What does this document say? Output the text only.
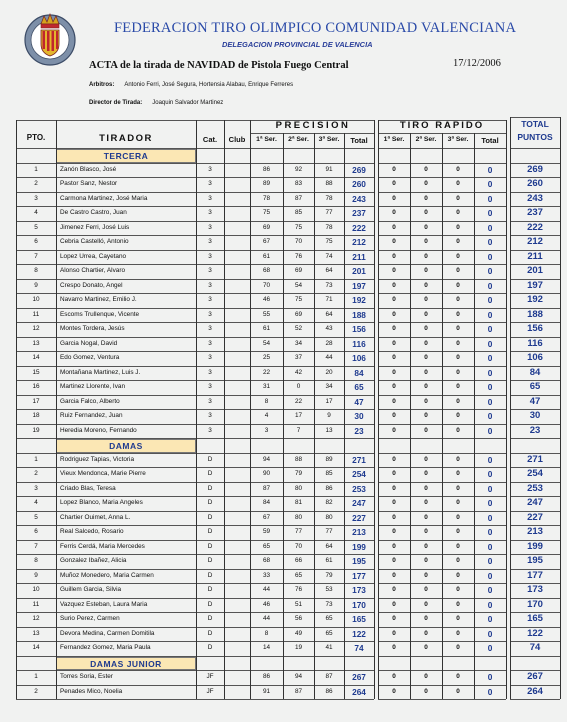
FEDERACION TIRO OLIMPICO COMUNIDAD VALENCIANA
DELEGACION PROVINCIAL DE VALENCIA
ACTA de la tirada de NAVIDAD de Pistola Fuego Central	17/12/2006
Arbitros: Antonio Ferri, José Segura, Hortensia Alabau, Enrique Ferreres
Director de Tirada: Joaquin Salvador Martinez
PTO.	TIRADOR	Cat.	Club
PRECISION
1ª Ser.	2ª Ser.	3ª Ser.	Total
TIRO RAPIDO
1ª Ser.	2ª Ser.	3ª Ser.	Total
TOTAL
PUNTOS
TERCERA
1	Zanón Blasco, José	3	86	92	91	269	0	0	0	0	269
2	Pastor Sanz, Nestor	3	89	83	88	260	0	0	0	0	260
3	Carmona Martinez, José Maria	3	78	87	78	243	0	0	0	0	243
4	De Castro Castro, Juan	3	75	85	77	237	0	0	0	0	237
5	Jimenez Ferri, José Luis	3	69	75	78	222	0	0	0	0	222
6	Cebria Castelló, Antonio	3	67	70	75	212	0	0	0	0	212
7	Lopez Urrea, Cayetano	3	61	76	74	211	0	0	0	0	211
8	Alonso Chartier, Alvaro	3	68	69	64	201	0	0	0	0	201
9	Crespo Donato, Angel	3	70	54	73	197	0	0	0	0	197
10	Navarro Martinez, Emilio J.	3	46	75	71	192	0	0	0	0	192
11	Escoms Trullenque, Vicente	3	55	69	64	188	0	0	0	0	188
12	Montes Tordera, Jesús	3	61	52	43	156	0	0	0	0	156
13	Garcia Nogal, David	3	54	34	28	116	0	0	0	0	116
14	Edo Gomez, Ventura	3	25	37	44	106	0	0	0	0	106
15	Montañana Martinez, Luis J.	3	22	42	20	84	0	0	0	0	84
16	Martinez Llorente, Ivan	3	31	0	34	65	0	0	0	0	65
17	Garcia Falco, Alberto	3	8	22	17	47	0	0	0	0	47
18	Ruiz Fernandez, Juan	3	4	17	9	30	0	0	0	0	30
19	Heredia Moreno, Fernando	3	3	7	13	23	0	0	0	0	23
DAMAS
1	Rodriguez Tapias, Victoria	D	94	88	89	271	0	0	0	0	271
2	Vieux Mendonca, Marie Pierre	D	90	79	85	254	0	0	0	0	254
3	Criado Blas, Teresa	D	87	80	86	253	0	0	0	0	253
4	Lopez Blanco, Maria Angeles	D	84	81	82	247	0	0	0	0	247
5	Chartier Ouimet, Anna L.	D	67	80	80	227	0	0	0	0	227
6	Real Salcedo, Rosario	D	59	77	77	213	0	0	0	0	213
7	Ferris Cerdá, Maria Mercedes	D	65	70	64	199	0	0	0	0	199
8	Gonzalez Ibañez, Alicia	D	68	66	61	195	0	0	0	0	195
9	Muñoz Monedero, Maria Carmen	D	33	65	79	177	0	0	0	0	177
10	Guillem Garcia, Silvia	D	44	76	53	173	0	0	0	0	173
11	Vazquez Esteban, Laura Maria	D	46	51	73	170	0	0	0	0	170
12	Surio Perez, Carmen	D	44	56	65	165	0	0	0	0	165
13	Devora Medina, Carmen Domitila	D	8	49	65	122	0	0	0	0	122
14	Fernandez Gomez, Maria Paula	D	14	19	41	74	0	0	0	0	74
DAMAS JUNIOR
1	Torres Soria, Ester	JF	86	94	87	267	0	0	0	0	267
2	Penades Mico, Noelia	JF	91	87	86	264	0	0	0	0	264
